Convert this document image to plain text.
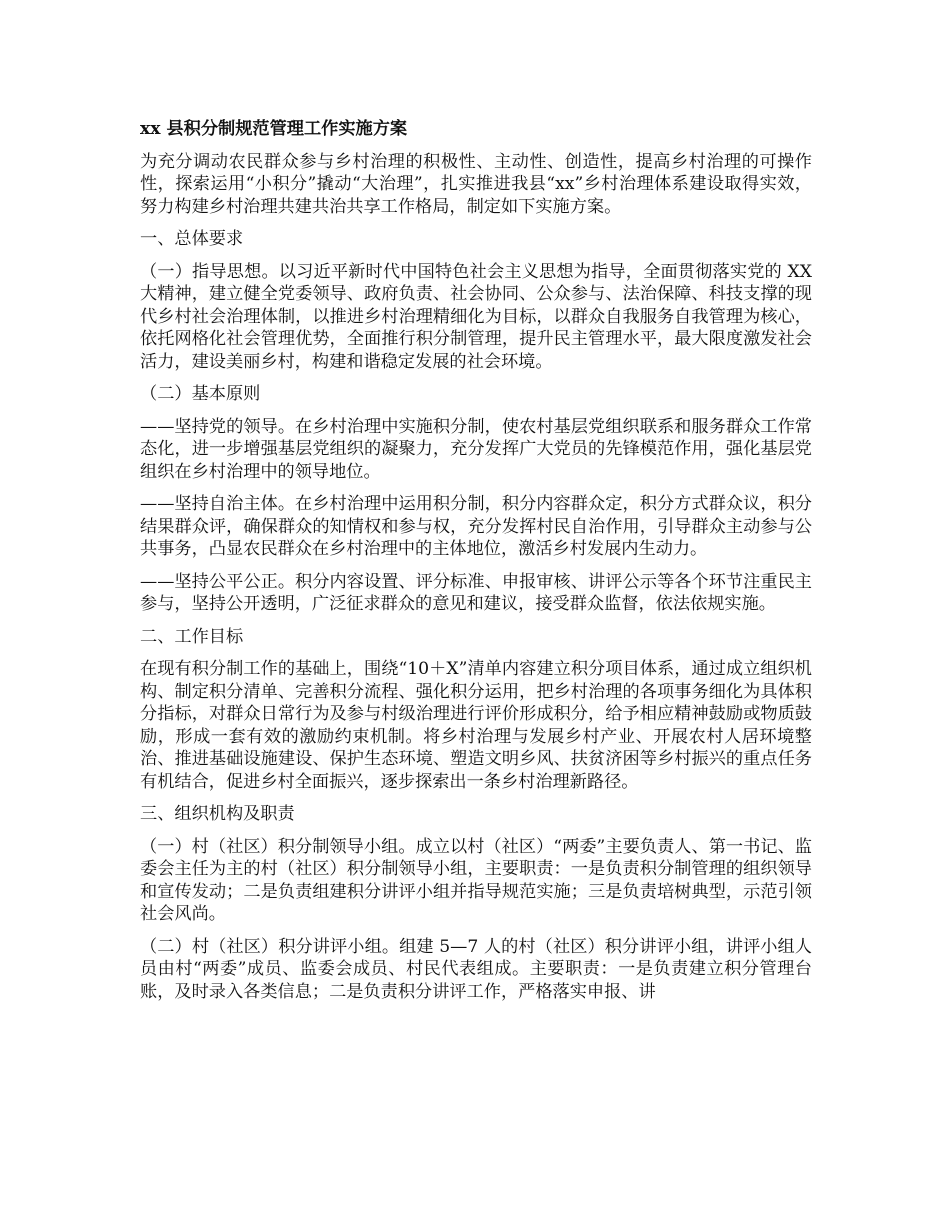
xx 县积分制规范管理工作实施方案

为充分调动农民群众参与乡村治理的积极性、主动性、创造性，提高乡村治理的可操作性，探索运用“小积分”撬动“大治理”，扎实推进我县“xx”乡村治理体系建设取得实效，努力构建乡村治理共建共治共享工作格局，制定如下实施方案。

一、总体要求

（一）指导思想。以习近平新时代中国特色社会主义思想为指导，全面贯彻落实党的 XX 大精神，建立健全党委领导、政府负责、社会协同、公众参与、法治保障、科技支撑的现代乡村社会治理体制，以推进乡村治理精细化为目标，以群众自我服务自我管理为核心，依托网格化社会管理优势，全面推行积分制管理，提升民主管理水平，最大限度激发社会活力，建设美丽乡村，构建和谐稳定发展的社会环境。

（二）基本原则

——坚持党的领导。在乡村治理中实施积分制，使农村基层党组织联系和服务群众工作常态化，进一步增强基层党组织的凝聚力，充分发挥广大党员的先锋模范作用，强化基层党组织在乡村治理中的领导地位。

——坚持自治主体。在乡村治理中运用积分制，积分内容群众定，积分方式群众议，积分结果群众评，确保群众的知情权和参与权，充分发挥村民自治作用，引导群众主动参与公共事务，凸显农民群众在乡村治理中的主体地位，激活乡村发展内生动力。

——坚持公平公正。积分内容设置、评分标准、申报审核、讲评公示等各个环节注重民主参与，坚持公开透明，广泛征求群众的意见和建议，接受群众监督，依法依规实施。

二、工作目标

在现有积分制工作的基础上，围绕“10＋X”清单内容建立积分项目体系，通过成立组织机构、制定积分清单、完善积分流程、强化积分运用，把乡村治理的各项事务细化为具体积分指标，对群众日常行为及参与村级治理进行评价形成积分，给予相应精神鼓励或物质鼓励，形成一套有效的激励约束机制。将乡村治理与发展乡村产业、开展农村人居环境整治、推进基础设施建设、保护生态环境、塑造文明乡风、扶贫济困等乡村振兴的重点任务有机结合，促进乡村全面振兴，逐步探索出一条乡村治理新路径。

三、组织机构及职责

（一）村（社区）积分制领导小组。成立以村（社区）“两委”主要负责人、第一书记、监委会主任为主的村（社区）积分制领导小组，主要职责：一是负责积分制管理的组织领导和宣传发动；二是负责组建积分讲评小组并指导规范实施；三是负责培树典型，示范引领社会风尚。

（二）村（社区）积分讲评小组。组建 5—7 人的村（社区）积分讲评小组，讲评小组人员由村“两委”成员、监委会成员、村民代表组成。主要职责：一是负责建立积分管理台账，及时录入各类信息；二是负责积分讲评工作，严格落实申报、讲
